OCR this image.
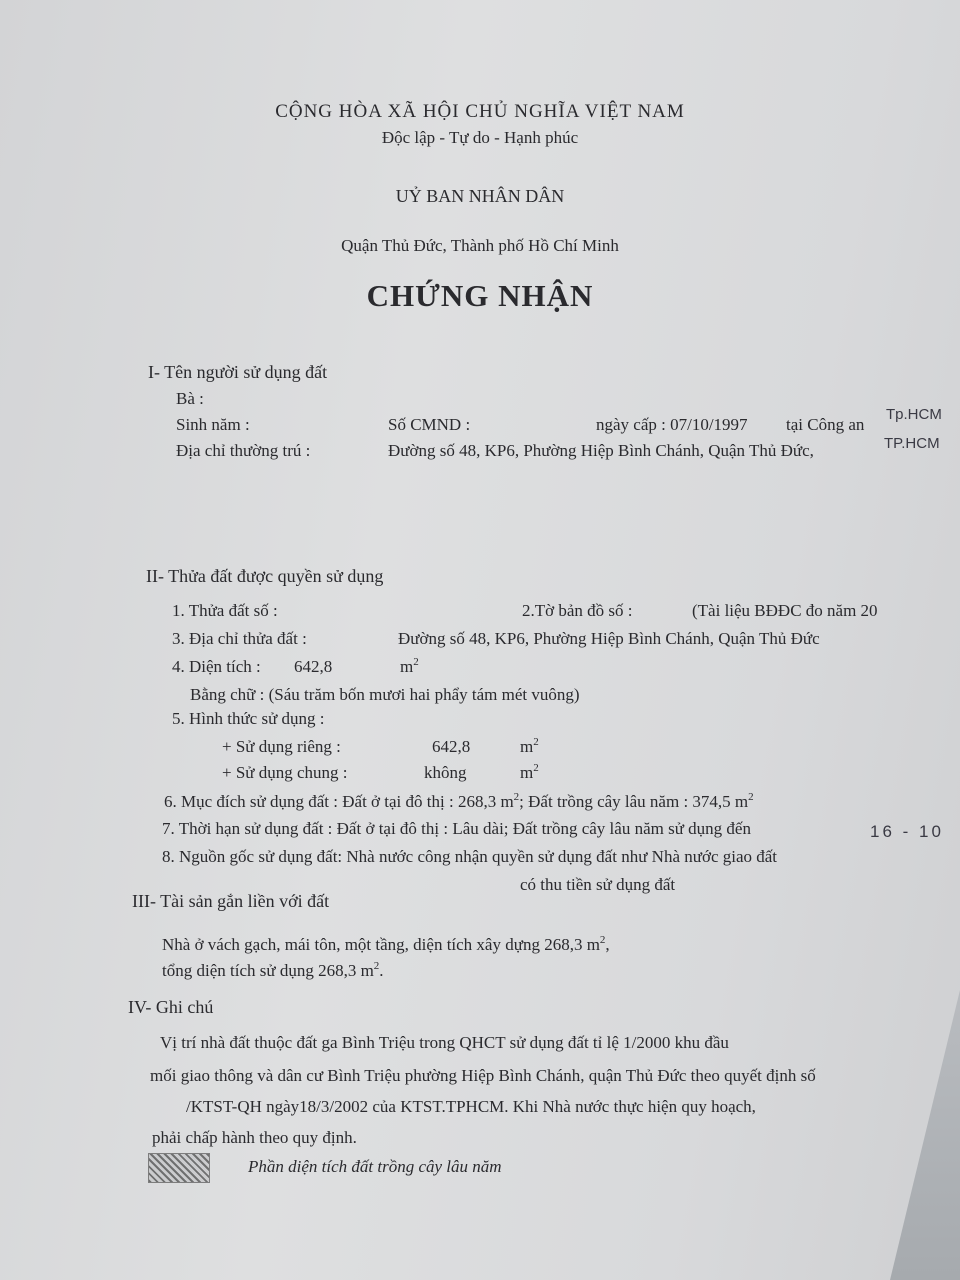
CỘNG HÒA XÃ HỘI CHỦ NGHĨA VIỆT NAM
Độc lập - Tự do - Hạnh phúc
UỶ BAN NHÂN DÂN
Quận Thủ Đức, Thành phố Hồ Chí Minh
CHỨNG NHẬN
I- Tên người sử dụng đất
Bà :
Sinh năm :	Số CMND :	ngày cấp : 07/10/1997 tại Công an
Tp.HCM
Địa chỉ thường trú :	Đường số 48, KP6, Phường Hiệp Bình Chánh, Quận Thủ Đức,	TP.HCM
II- Thửa đất được quyền sử dụng
1. Thửa đất số :	2.Tờ bản đồ số :	(Tài liệu BĐĐC đo năm 20
3. Địa chỉ thửa đất :	Đường số 48, KP6, Phường Hiệp Bình Chánh, Quận Thủ Đức
4. Diện tích : 642,8	$m^2$
Bằng chữ : (Sáu trăm bốn mươi hai phẩy tám mét vuông)
5. Hình thức sử dụng :
+ Sử dụng riêng :	642,8	$m^2$
+ Sử dụng chung :	không	$m^2$
6. Mục đích sử dụng đất : Đất ở tại đô thị : 268,3 $m^2$; Đất trồng cây lâu năm : 374,5 $m^2$
7. Thời hạn sử dụng đất : Đất ở tại đô thị : Lâu dài; Đất trồng cây lâu năm sử dụng đến	16 - 10
8. Nguồn gốc sử dụng đất: Nhà nước công nhận quyền sử dụng đất như Nhà nước giao đất
có thu tiền sử dụng đất
III- Tài sản gắn liền với đất
Nhà ở vách gạch, mái tôn, một tầng, diện tích xây dựng 268,3 $m^2$,
tổng diện tích sử dụng 268,3 $m^2$.
IV- Ghi chú
Vị trí nhà đất thuộc đất ga Bình Triệu trong QHCT sử dụng đất tỉ lệ 1/2000 khu đầu
mối giao thông và dân cư Bình Triệu phường Hiệp Bình Chánh, quận Thủ Đức theo quyết định số
/KTST-QH ngày18/3/2002 của KTST.TPHCM. Khi Nhà nước thực hiện quy hoạch,
phải chấp hành theo quy định.
Phần diện tích đất trồng cây lâu năm
